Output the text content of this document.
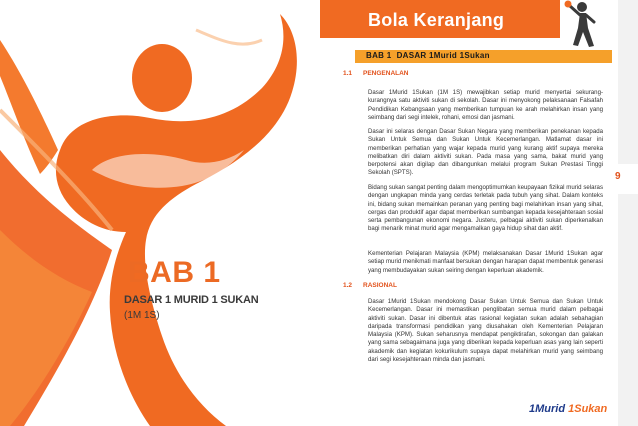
BAB 1
DASAR 1 MURID 1 SUKAN
(1M 1S)
Bola Keranjang
BAB 1 DASAR 1Murid 1Sukan
1.1 PENGENALAN
Dasar 1Murid 1Sukan (1M 1S) mewajibkan setiap murid menyertai sekurang-kurangnya satu aktiviti sukan di sekolah. Dasar ini menyokong pelaksanaan Falsafah Pendidikan Kebangsaan yang memberikan tumpuan ke arah melahirkan insan yang seimbang dari segi intelek, rohani, emosi dan jasmani.
Dasar ini selaras dengan Dasar Sukan Negara yang memberikan penekanan kepada Sukan Untuk Semua dan Sukan Untuk Kecemerlangan. Matlamat dasar ini memberikan perhatian yang wajar kepada murid yang kurang aktif supaya mereka melibatkan diri dalam aktiviti sukan. Pada masa yang sama, bakat murid yang berpotensi akan digilap dan dibangunkan melalui program Sukan Prestasi Tinggi Sekolah (SPTS).
Bidang sukan sangat penting dalam mengoptimumkan keupayaan fizikal murid selaras dengan ungkapan minda yang cerdas terletak pada tubuh yang sihat. Dalam konteks ini, bidang sukan memainkan peranan yang penting bagi melahirkan insan yang sihat, cergas dan produktif agar dapat memberikan sumbangan kepada kesejahteraan sosial serta pembangunan ekonomi negara. Justeru, pelbagai aktiviti sukan diperkenalkan bagi menarik minat murid agar mengamalkan gaya hidup sihat dan aktif.
Kementerian Pelajaran Malaysia (KPM) melaksanakan Dasar 1Murid 1Sukan agar setiap murid menikmati manfaat bersukan dengan harapan dapat membentuk generasi yang membudayakan sukan seiring dengan keperluan akademik.
1.2 RASIONAL
Dasar 1Murid 1Sukan mendokong Dasar Sukan Untuk Semua dan Sukan Untuk Kecemerlangan. Dasar ini memastikan penglibatan semua murid dalam pelbagai aktiviti sukan. Dasar ini dibentuk atas rasional kegiatan sukan adalah sebahagian daripada transformasi pendidikan yang diusahakan oleh Kementerian Pelajaran Malaysia (KPM). Sukan seharusnya mendapat pengiktirafan, sokongan dan galakan yang sama sebagaimana juga yang diberikan kepada keperluan asas yang lain seperti akademik dan kegiatan kokurikulum supaya dapat melahirkan murid yang seimbang dari segi kesejahteraan minda dan jasmani.
9
1Murid 1Sukan
